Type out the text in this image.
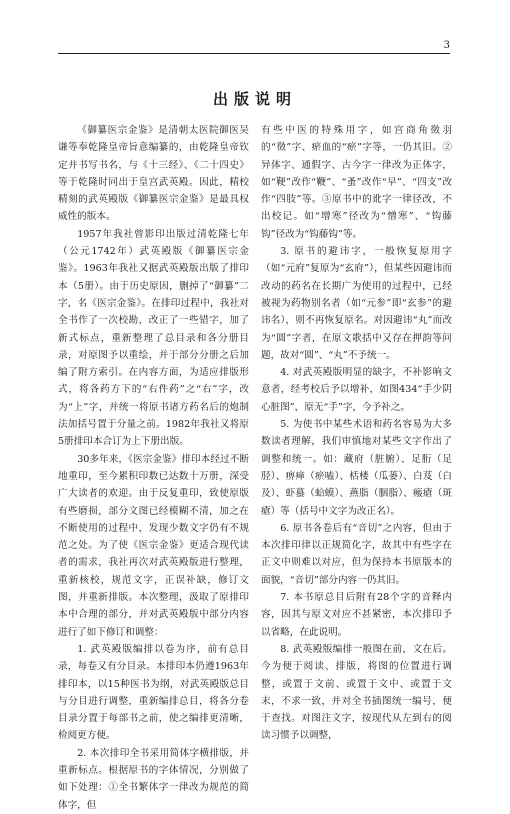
3
出版说明

《御纂医宗金鉴》是清朝太医院御医吴谦等奉乾隆皇帝旨意编纂的，由乾隆皇帝钦定并书写书名，与《十三经》、《二十四史》等于乾隆时同出于皇宫武英殿。因此，精校精刻的武英殿版《御纂医宗金鉴》是最具权威性的版本。

1957年我社曾影印出版过清乾隆七年（公元1742年）武英殿版《御纂医宗金鉴》。1963年我社又据武英殿版出版了排印本（5册）。由于历史原因，删掉了“御纂”二字，名《医宗金鉴》。在排印过程中，我社对全书作了一次校勘，改正了一些错字，加了新式标点，重新整理了总目录和各分册目录，对原图予以重绘，并于部分分册之后加编了附方索引。在内容方面，为适应排版形式，将各药方下的“右件药”之“右”字，改为“上”字，并统一将原书诸方药名后的炮制法加括号置于分量之前。1982年我社又将原5册排印本合订为上下册出版。

30多年来，《医宗金鉴》排印本经过不断地重印，至今累积印数已达数十万册，深受广大读者的欢迎。由于反复重印，致使原版有些磨损，部分文图已经模糊不清，加之在不断使用的过程中，发现少数文字仍有不规范之处。为了使《医宗金鉴》更适合现代读者的需求，我社再次对武英殿版进行整理，重新核校，规范文字，正误补缺，修订文图，并重新排版。本次整理，汲取了原排印本中合理的部分，并对武英殿版中部分内容进行了如下修订和调整：

1. 武英殿版编排以卷为序，前有总目录，每卷又有分目录。本排印本仍遵1963年排印本，以15种医书为纲，对武英殿版总目与分目进行调整，重新编排总目，将各分卷目录分置于每部书之前，使之编排更清晰，检阅更方便。

2. 本次排印全书采用简体字横排版，并重新标点。根据原书的字体情况，分别做了如下处理：①全书繁体字一律改为规范的简体字，但

有些中医的特殊用字，如宫商角徵羽的“徵”字、瘀血的“瘀”字等，一仍其旧。②异体字、通假字、古今字一律改为正体字，如“鞕”改作“鞭”、“蚤”改作“早”、“四支”改作“四肢”等。③原书中的讹字一律径改，不出校记。如“增寒”径改为“憎寒”、“钩藤钩”径改为“钩藤钩”等。

3. 原书的避讳字，一般恢复原用字（如“元府”复原为“玄府”），但某些因避讳而改动的药名在长期广为使用的过程中，已经被视为药物别名者（如“元参”即“玄参”的避讳名），则不再恢复原名。对因避讳“丸”而改为“圆”字者，在原文歌括中又存在押韵等问题，故对“圆”、“丸”不予统一。

4. 对武英殿版明显的缺字，不补影响文意者，经考校后予以增补，如图434“手少阴心脏图”，原无“手”字，今予补之。

5. 为使书中某些术语和药名容易为大多数读者理解，我们审慎地对某些文字作出了调整和统一。如：藏府（脏腑）、足胻（足胫）、痹瘅（瘀嗑）、栝楼（瓜蒌）、白芨（白及）、虾蟇（蛤蟆）、燕脂（胭脂）、瘢瘡（斑瘡）等（括号中文字为改正名）。

6. 原书各卷后有“音切”之内容，但由于本次排印律以正规简化字，故其中有些字在正文中则难以对应，但为保持本书原版本的面貌，“音切”部分内容一仍其旧。

7. 本书原总目后附有28个字的音释内容，因其与原文对应不甚紧密，本次排印予以省略，在此说明。

8. 武英殿版编排一般图在前，文在后。今为便于阅读、排版，将图的位置进行调整，或置于文前、或置于文中、或置于文末，不求一致，并对全书插图统一编号，便于查找。对图注文字，按现代从左到右的阅读习惯予以调整，
